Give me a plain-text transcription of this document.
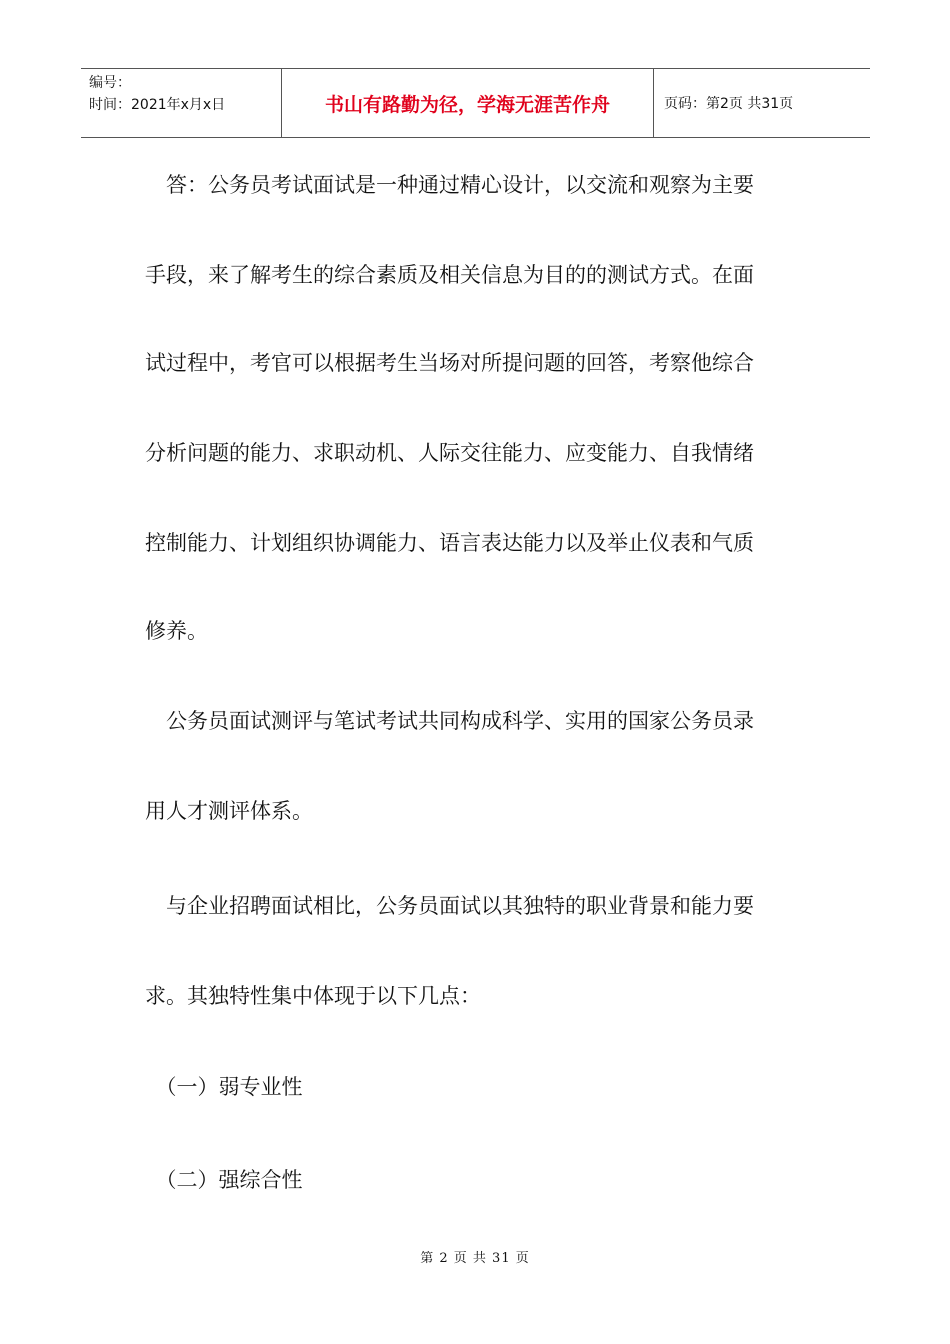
编号：
时间：2021年x月x日	书山有路勤为径，学海无涯苦作舟	页码：第2页 共31页

　答：公务员考试面试是一种通过精心设计，以交流和观察为主要

手段，来了解考生的综合素质及相关信息为目的的测试方式。在面

试过程中，考官可以根据考生当场对所提问题的回答，考察他综合

分析问题的能力、求职动机、人际交往能力、应变能力、自我情绪

控制能力、计划组织协调能力、语言表达能力以及举止仪表和气质

修养。

　公务员面试测评与笔试考试共同构成科学、实用的国家公务员录

用人才测评体系。

　与企业招聘面试相比，公务员面试以其独特的职业背景和能力要

求。其独特性集中体现于以下几点：

　（一）弱专业性

　（二）强综合性

第 2 页 共 31 页
